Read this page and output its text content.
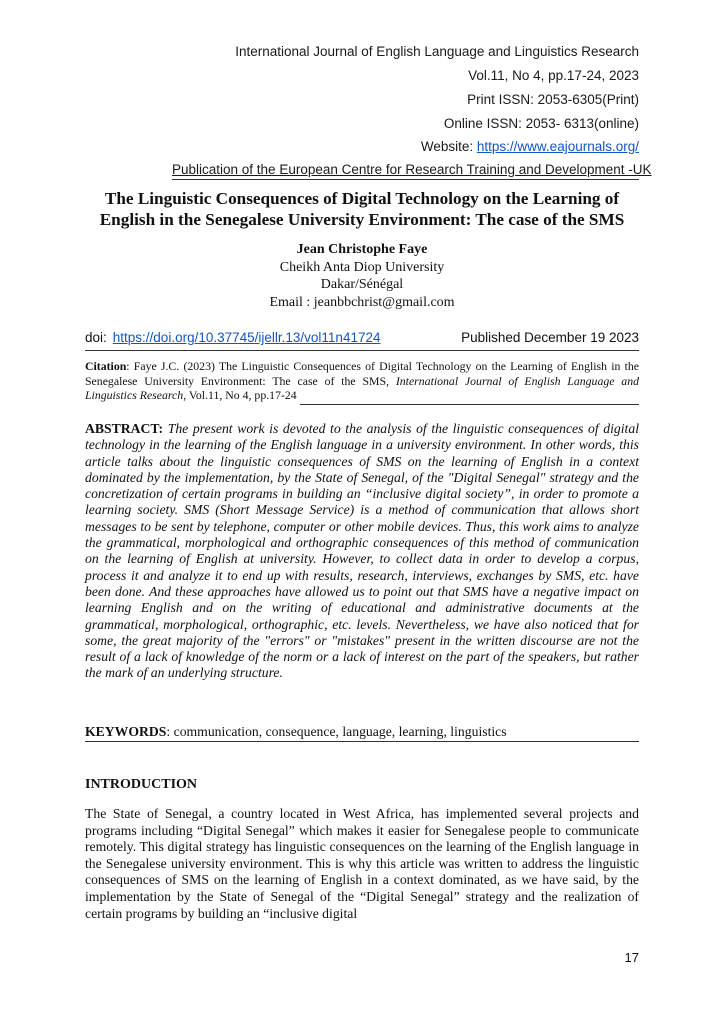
International Journal of English Language and Linguistics Research
Vol.11, No 4, pp.17-24, 2023
Print ISSN: 2053-6305(Print)
Online ISSN: 2053- 6313(online)
Website: https://www.eajournals.org/
Publication of the European Centre for Research Training and Development -UK
The Linguistic Consequences of Digital Technology on the Learning of English in the Senegalese University Environment: The case of the SMS
Jean Christophe Faye
Cheikh Anta Diop University
Dakar/Sénégal
Email : jeanbbchrist@gmail.com
doi: https://doi.org/10.37745/ijellr.13/vol11n41724	Published December 19 2023
Citation: Faye J.C. (2023) The Linguistic Consequences of Digital Technology on the Learning of English in the Senegalese University Environment: The case of the SMS, International Journal of English Language and Linguistics Research, Vol.11, No 4, pp.17-24
ABSTRACT: The present work is devoted to the analysis of the linguistic consequences of digital technology in the learning of the English language in a university environment. In other words, this article talks about the linguistic consequences of SMS on the learning of English in a context dominated by the implementation, by the State of Senegal, of the "Digital Senegal" strategy and the concretization of certain programs in building an “inclusive digital society”, in order to promote a learning society. SMS (Short Message Service) is a method of communication that allows short messages to be sent by telephone, computer or other mobile devices. Thus, this work aims to analyze the grammatical, morphological and orthographic consequences of this method of communication on the learning of English at university. However, to collect data in order to develop a corpus, process it and analyze it to end up with results, research, interviews, exchanges by SMS, etc. have been done. And these approaches have allowed us to point out that SMS have a negative impact on learning English and on the writing of educational and administrative documents at the grammatical, morphological, orthographic, etc. levels. Nevertheless, we have also noticed that for some, the great majority of the "errors" or "mistakes" present in the written discourse are not the result of a lack of knowledge of the norm or a lack of interest on the part of the speakers, but rather the mark of an underlying structure.
KEYWORDS: communication, consequence, language, learning, linguistics
INTRODUCTION
The State of Senegal, a country located in West Africa, has implemented several projects and programs including “Digital Senegal” which makes it easier for Senegalese people to communicate remotely. This digital strategy has linguistic consequences on the learning of the English language in the Senegalese university environment. This is why this article was written to address the linguistic consequences of SMS on the learning of English in a context dominated, as we have said, by the implementation by the State of Senegal of the “Digital Senegal” strategy and the realization of certain programs by building an “inclusive digital
17
